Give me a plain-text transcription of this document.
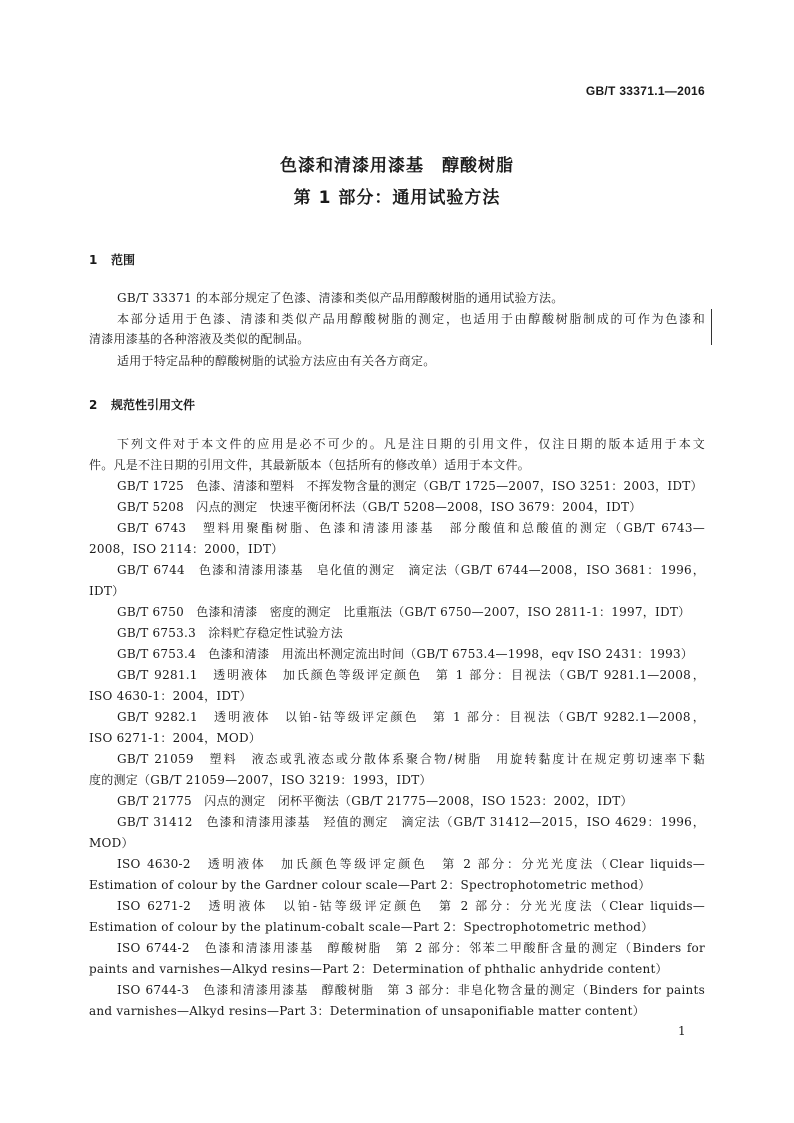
GB/T 33371.1—2016
色漆和清漆用漆基　醇酸树脂
第 1 部分：通用试验方法
1 范围
GB/T 33371 的本部分规定了色漆、清漆和类似产品用醇酸树脂的通用试验方法。
本部分适用于色漆、清漆和类似产品用醇酸树脂的测定，也适用于由醇酸树脂制成的可作为色漆和
清漆用漆基的各种溶液及类似的配制品。
适用于特定品种的醇酸树脂的试验方法应由有关各方商定。
2 规范性引用文件
下列文件对于本文件的应用是必不可少的。凡是注日期的引用文件，仅注日期的版本适用于本文
件。凡是不注日期的引用文件，其最新版本（包括所有的修改单）适用于本文件。
GB/T 1725　色漆、清漆和塑料　不挥发物含量的测定（GB/T 1725—2007，ISO 3251：2003，IDT）
GB/T 5208　闪点的测定　快速平衡闭杯法（GB/T 5208—2008，ISO 3679：2004，IDT）
GB/T 6743　塑料用聚酯树脂、色漆和清漆用漆基　部分酸值和总酸值的测定（GB/T 6743—
2008，ISO 2114：2000，IDT）
GB/T 6744　色漆和清漆用漆基　皂化值的测定　滴定法（GB/T 6744—2008，ISO 3681：1996，
IDT）
GB/T 6750　色漆和清漆　密度的测定　比重瓶法（GB/T 6750—2007，ISO 2811-1：1997，IDT）
GB/T 6753.3　涂料贮存稳定性试验方法
GB/T 6753.4　色漆和清漆　用流出杯测定流出时间（GB/T 6753.4—1998，eqv ISO 2431：1993）
GB/T 9281.1　透明液体　加氏颜色等级评定颜色　第 1 部分：目视法（GB/T 9281.1—2008，
ISO 4630-1：2004，IDT）
GB/T 9282.1　透明液体　以铂-钴等级评定颜色　第 1 部分：目视法（GB/T 9282.1—2008，
ISO 6271-1：2004，MOD）
GB/T 21059　塑料　液态或乳液态或分散体系聚合物/树脂　用旋转黏度计在规定剪切速率下黏
度的测定（GB/T 21059—2007，ISO 3219：1993，IDT）
GB/T 21775　闪点的测定　闭杯平衡法（GB/T 21775—2008，ISO 1523：2002，IDT）
GB/T 31412　色漆和清漆用漆基　羟值的测定　滴定法（GB/T 31412—2015，ISO 4629：1996，
MOD）
ISO 4630-2　透明液体　加氏颜色等级评定颜色　第 2 部分：分光光度法（Clear liquids—
Estimation of colour by the Gardner colour scale—Part 2：Spectrophotometric method）
ISO 6271-2　透明液体　以铂-钴等级评定颜色　第 2 部分：分光光度法（Clear liquids—
Estimation of colour by the platinum-cobalt scale—Part 2：Spectrophotometric method）
ISO 6744-2　色漆和清漆用漆基　醇酸树脂　第 2 部分：邻苯二甲酸酐含量的测定（Binders for
paints and varnishes—Alkyd resins—Part 2：Determination of phthalic anhydride content）
ISO 6744-3　色漆和清漆用漆基　醇酸树脂　第 3 部分：非皂化物含量的测定（Binders for paints
and varnishes—Alkyd resins—Part 3：Determination of unsaponifiable matter content）
1
